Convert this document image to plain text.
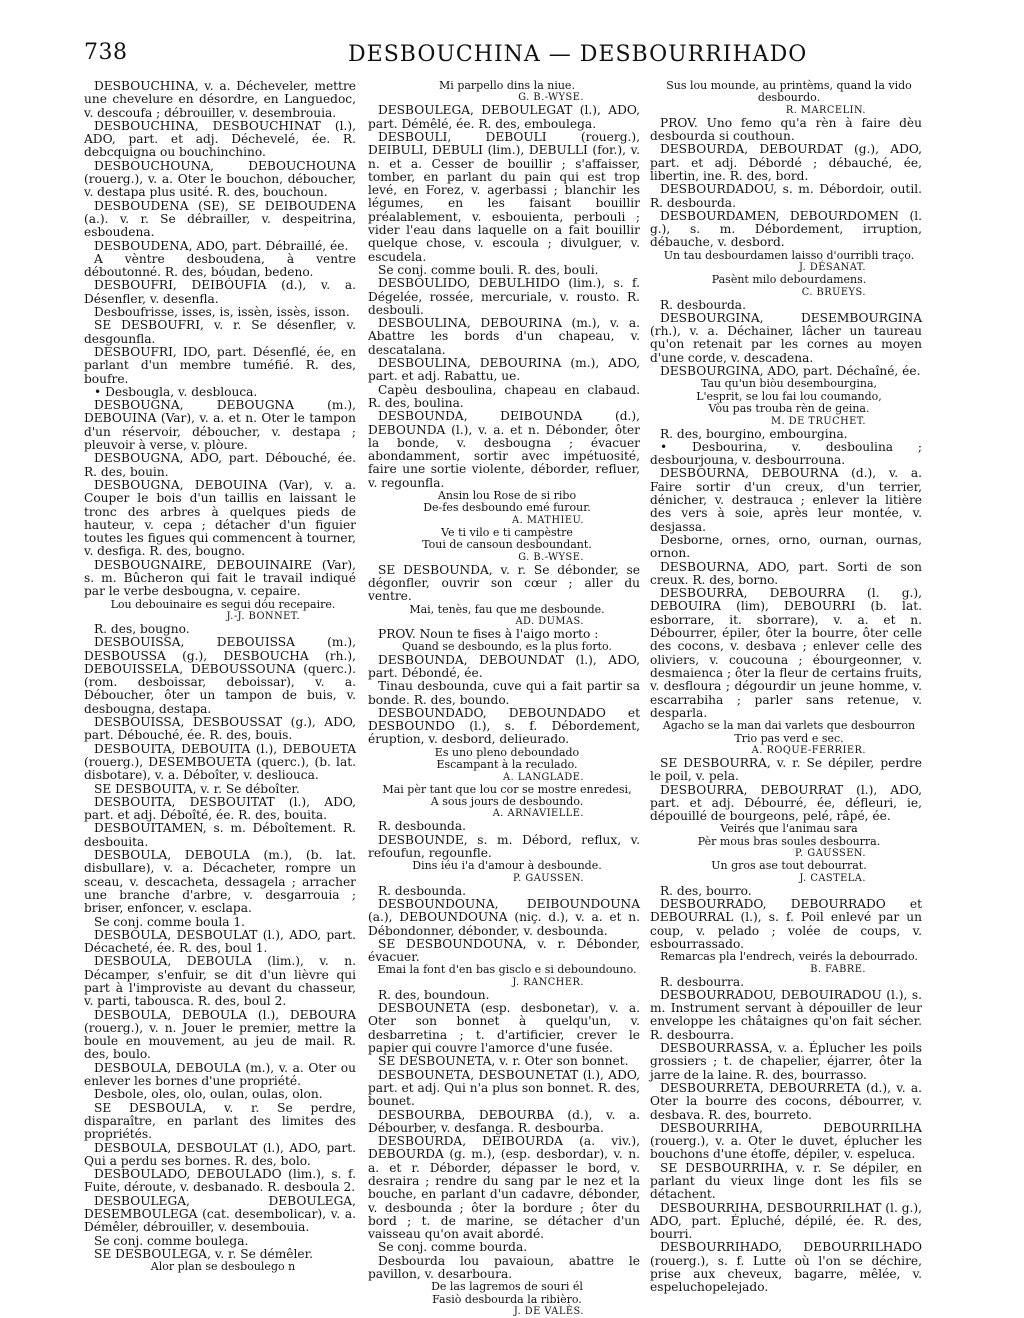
738	DESBOUCHINA — DESBOURRIHADO

DESBOUCHINA, v. a. Décheveler, mettre une chevelure en désordre, en Languedoc, v. descoufa ; débrouiller, v. desembrouia.

DESBOUCHINA, DESBOUCHINAT (l.), ADO, part. et adj. Déchevelé, ée. R. debcquigna ou bouchinchino.

DESBOUCHOUNA, DEBOUCHOUNA (rouerg.), v. a. Oter le bouchon, déboucher, v. destapa plus usité. R. des, bouchoun.

DESBOUDENA (SE), SE DEIBOUDENA (a.). v. r. Se débrailler, v. despeitrina, esboudena.

DESBOUDENA, ADO, part. Débraillé, ée.

A vèntre desboudena, à ventre déboutonné. R. des, bóudan, bedeno.

DESBOUFRI, DEIBÓUFIA (d.), v. a. Désenfler, v. desenfla.

Desboufrisse, isses, is, issèn, issès, isson.

SE DESBOUFRI, v. r. Se désenfler, v. desgounfla.

DESBOUFRI, IDO, part. Désenflé, ée, en parlant d'un membre tuméfié. R. des, boufre.

• Desbougla, v. desblouca.

DESBOUGNA, DEBOUGNA (m.), DEBOUINA (Var), v. a. et n. Oter le tampon d'un réservoir, déboucher, v. destapa ; pleuvoir à verse, v. plòure.

DESBOUGNA, ADO, part. Débouché, ée. R. des, bouin.

DESBOUGNA, DEBOUINA (Var), v. a. Couper le bois d'un taillis en laissant le tronc des arbres à quelques pieds de hauteur, v. cepa ; détacher d'un figuier toutes les figues qui commencent à tourner, v. desfiga. R. des, bougno.

DESBOUGNAIRE, DEBOUINAIRE (Var), s. m. Bûcheron qui fait le travail indiqué par le verbe desbougna, v. cepaire.

Lou debouinaire es segui dóu recepaire.

J.-J. BONNET.

R. des, bougno.

DESBOUISSA, DEBOUISSA (m.), DESBOUSSA (g.), DESBOUCHA (rh.), DEBOUISSELA, DEBOUSSOUNA (querc.). (rom. desboissar, deboissar), v. a. Déboucher, ôter un tampon de buis, v. desbougna, destapa.

DESBOUISSA, DESBOUSSAT (g.), ADO, part. Débouché, ée. R. des, bouis.

DESBOUITA, DEBOUITA (l.), DEBOUETA (rouerg.), DESEMBOUETA (querc.), (b. lat. disbotare), v. a. Déboîter, v. desliouca.

SE DESBOUITA, v. r. Se déboîter.

DESBOUITA, DESBOUITAT (l.), ADO, part. et adj. Déboîté, ée. R. des, bouita.

DESBOUITAMEN, s. m. Déboîtement. R. desbouita.

DESBOULA, DEBOULA (m.), (b. lat. disbullare), v. a. Décacheter, rompre un sceau, v. descacheta, dessagela ; arracher une branche d'arbre, v. desgarrouia ; briser, enfoncer, v. esclapa.

Se conj. comme boula 1.

DESBOULA, DESBOULAT (l.), ADO, part. Décacheté, ée. R. des, boul 1.

DESBOULA, DEBOULA (lim.), v. n. Décamper, s'enfuir, se dit d'un lièvre qui part à l'improviste au devant du chasseur, v. parti, tabousca. R. des, boul 2.

DESBOULA, DEBOULA (l.), DEBOURA (rouerg.), v. n. Jouer le premier, mettre la boule en mouvement, au jeu de mail. R. des, boulo.

DESBOULA, DEBOULA (m.), v. a. Oter ou enlever les bornes d'une propriété.

Desbole, oles, olo, oulan, oulas, olon.

SE DESBOULA, v. r. Se perdre, disparaître, en parlant des limites des propriétés.

DESBOULA, DESBOULAT (l.), ADO, part. Qui a perdu ses bornes. R. des, bolo.

DESBOULADO, DEBOULADO (lim.), s. f. Fuite, déroute, v. desbanado. R. desboula 2.

DESBOULEGA, DEBOULEGA, DESEMBOULEGA (cat. desembolicar), v. a. Démêler, débrouiller, v. desembouia.

Se conj. comme boulega.

SE DESBOULEGA, v. r. Se démêler.

Alor plan se desboulego n

Mi parpello dins la niue.

G. B.-WYSE.

DESBOULEGA, DEBOULEGAT (l.), ADO, part. Démêlé, ée. R. des, emboulega.

DESBOULI, DEBOULI (rouerg.), DEIBULI, DEBULI (lim.), DEBULLI (for.), v. n. et a. Cesser de bouillir ; s'affaisser, tomber, en parlant du pain qui est trop levé, en Forez, v. agerbassi ; blanchir les légumes, en les faisant bouillir préalablement, v. esbouienta, perbouli ; vider l'eau dans laquelle on a fait bouillir quelque chose, v. escoula ; divulguer, v. escudela.

Se conj. comme bouli. R. des, bouli.

DESBOULIDO, DEBULHIDO (lim.), s. f. Dégelée, rossée, mercuriale, v. rousto. R. desbouli.

DESBOULINA, DEBOURINA (m.), v. a. Abattre les bords d'un chapeau, v. descatalana.

DESBOULINA, DEBOURINA (m.), ADO, part. et adj. Rabattu, ue.

Capèu desboulina, chapeau en clabaud. R. des, boulina.

DESBOUNDA, DEIBOUNDA (d.), DEBOUNDA (l.), v. a. et n. Débonder, ôter la bonde, v. desbougna ; évacuer abondamment, sortir avec impétuosité, faire une sortie violente, déborder, refluer, v. regounfla.

Ansin lou Rose de si ribo

De-fes desboundo emé furour.

A. MATHIEU.

Ve ti vilo e ti campèstre

Toui de cansoun desboundant.

G. B.-WYSE.

SE DESBOUNDA, v. r. Se débonder, se dégonfler, ouvrir son cœur ; aller du ventre.

Mai, tenès, fau que me desbounde.

AD. DUMAS.

PROV. Noun te fises à l'aigo morto :

Quand se desboundo, es la plus forto.

DESBOUNDA, DEBOUNDAT (l.), ADO, part. Débondé, ée.

Tinau desbounda, cuve qui a fait partir sa bonde. R. des, boundo.

DESBOUNDADO, DEBOUNDADO et DESBOUNDO (l.), s. f. Débordement, éruption, v. desbord, delieurado.

Es uno pleno deboundado

Escampant à la reculado.

A. LANGLADE.

Mai pèr tant que lou cor se mostre enredesi,

A sous jours de desboundo.

A. ARNAVIELLE.

R. desbounda.

DESBOUNDE, s. m. Débord, reflux, v. refoufun, regounfle.

Dins iéu i'a d'amour à desbounde.

P. GAUSSEN.

R. desbounda.

DESBOUNDOUNA, DEIBOUNDOUNA (a.), DEBOUNDOUNA (niç. d.), v. a. et n. Débondonner, débonder, v. desbounda.

SE DESBOUNDOUNA, v. r. Débonder, évacuer.

Emai la font d'en bas gisclo e si deboundouno.

J. RANCHER.

R. des, boundoun.

DESBOUNETA (esp. desbonetar), v. a. Oter son bonnet à quelqu'un, v. desbarretina ; t. d'artificier, crever le papier qui couvre l'amorce d'une fusée.

SE DESBOUNETA, v. r. Oter son bonnet.

DESBOUNETA, DESBOUNETAT (l.), ADO, part. et adj. Qui n'a plus son bonnet. R. des, bounet.

DESBOURBA, DEBOURBA (d.), v. a. Débourber, v. desfanga. R. desbourba.

DESBOURDA, DEIBOURDA (a. viv.), DEBOURDA (g. m.), (esp. desbordar), v. n. a. et r. Déborder, dépasser le bord, v. desraira ; rendre du sang par le nez et la bouche, en parlant d'un cadavre, débonder, v. desbounda ; ôter la bordure ; ôter du bord ; t. de marine, se détacher d'un vaisseau qu'on avait abordé.

Se conj. comme bourda.

Desbourda lou pavaioun, abattre le pavillon, v. desarboura.

De las lagremos de souri él

Fasiò desbourda la ribièro.

J. DE VALÈS.

Sus lou mounde, au printèms, quand la vido desbourdo.

R. MARCELIN.

PROV. Uno femo qu'a rèn à faire dèu desbourda si couthoun.

DESBOURDA, DEBOURDAT (g.), ADO, part. et adj. Débordé ; débauché, ée, libertin, ine. R. des, bord.

DESBOURDADOU, s. m. Débordoir, outil. R. desbourda.

DESBOURDAMEN, DEBOURDOMEN (l. g.), s. m. Débordement, irruption, débauche, v. desbord.

Un tau desbourdamen laisso d'ourribli traço.

J. DÉSANAT.

Pasènt milo debourdamens.

C. BRUEYS.

R. desbourda.

DESBOURGINA, DESEMBOURGINA (rh.), v. a. Déchainer, lâcher un taureau qu'on retenait par les cornes au moyen d'une corde, v. descadena.

DESBOURGINA, ADO, part. Déchaîné, ée.

Tau qu'un biòu desembourgina,

L'esprit, se lou fai lou coumando,

Vòu pas trouba rèn de geina.

M. DE TRUCHET.

R. des, bourgino, embourgina.

• Desbourina, v. desboulina ; desbourjouna, v. desbourrouna.

DESBOURNA, DEBOURNA (d.), v. a. Faire sortir d'un creux, d'un terrier, dénicher, v. destrauca ; enlever la litière des vers à soie, après leur montée, v. desjassa.

Desborne, ornes, orno, ournan, ournas, ornon.

DESBOURNA, ADO, part. Sorti de son creux. R. des, borno.

DESBOURRA, DEBOURRA (l. g.), DEBOUIRA (lim), DEBOURRI (b. lat. esborrare, it. sborrare), v. a. et n. Débourrer, épiler, ôter la bourre, ôter celle des cocons, v. desbava ; enlever celle des oliviers, v. coucouna ; ébourgeonner, v. desmaienca ; ôter la fleur de certains fruits, v. desfloura ; dégourdir un jeune homme, v. escarrabiha ; parler sans retenue, v. desparla.

Agacho se la man dai varlets que desbourron

Trio pas verd e sec.

A. ROQUE-FERRIER.

SE DESBOURRA, v. r. Se dépiler, perdre le poil, v. pela.

DESBOURRA, DEBOURRAT (l.), ADO, part. et adj. Débourré, ée, défleuri, ie, dépouillé de bourgeons, pelé, râpé, ée.

Veirés que l'animau sara

Pèr mous bras soules desbourra.

P. GAUSSEN.

Un gros ase tout debourrat.

J. CASTELA.

R. des, bourro.

DESBOURRADO, DEBOURRADO et DEBOURRAL (l.), s. f. Poil enlevé par un coup, v. pelado ; volée de coups, v. esbourrassado.

Remarcas pla l'endrech, veirés la debourrado.

B. FABRE.

R. desbourra.

DESBOURRADOU, DEBOUIRADOU (l.), s. m. Instrument servant à dépouiller de leur enveloppe les châtaignes qu'on fait sécher. R. desbourra.

DESBOURRASSA, v. a. Éplucher les poils grossiers ; t. de chapelier, éjarrer, ôter la jarre de la laine. R. des, bourrasso.

DESBOURRETA, DEBOURRETA (d.), v. a. Oter la bourre des cocons, débourrer, v. desbava. R. des, bourreto.

DESBOURRIHA, DEBOURRILHA (rouerg.), v. a. Oter le duvet, éplucher les bouchons d'une étoffe, dépiler, v. espeluca.

SE DESBOURRIHA, v. r. Se dépiler, en parlant du vieux linge dont les fils se détachent.

DESBOURRIHA, DESBOURRILHAT (l. g.), ADO, part. Épluché, dépilé, ée. R. des, bourri.

DESBOURRIHADO, DEBOURRILHADO (rouerg.), s. f. Lutte où l'on se déchire, prise aux cheveux, bagarre, mêlée, v. espeluchopelejado.
